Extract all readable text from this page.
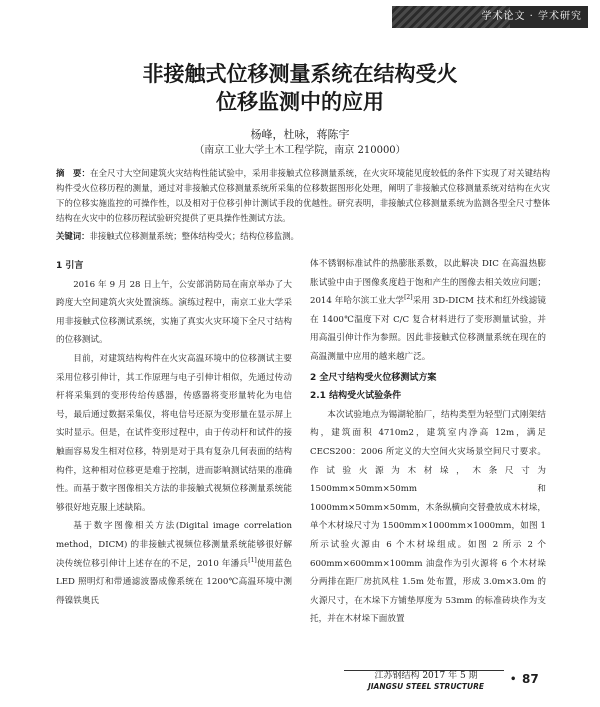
学术论文 · 学术研究
非接触式位移测量系统在结构受火
位移监测中的应用
杨峰，杜咏，蒋陈宇
（南京工业大学土木工程学院，南京 210000）
摘　要：在全尺寸大空间建筑火灾结构性能试验中，采用非接触式位移测量系统，在火灾环境能见度较低的条件下实现了对关键结构构件受火位移历程的测量，通过对非接触式位移测量系统所采集的位移数据图形化处理，阐明了非接触式位移测量系统对结构在火灾下的位移实施监控的可操作性，以及相对于位移引伸计测试手段的优越性。研究表明，非接触式位移测量系统为监测各型全尺寸整体结构在火灾中的位移历程试验研究提供了更具操作性测试方法。
关键词：非接触式位移测量系统；整体结构受火；结构位移监测。
1 引言

2016 年 9 月 28 日上午，公安部消防局在南京举办了大跨度大空间建筑火灾处置演练。演练过程中，南京工业大学采用非接触式位移测试系统，实施了真实火灾环境下全尺寸结构的位移测试。

目前，对建筑结构构件在火灾高温环境中的位移测试主要采用位移引伸计，其工作原理与电子引伸计相似，先通过传动杆将采集到的变形传给传感器，传感器将变形量转化为电信号，最后通过数据采集仪，将电信号还原为变形量在显示屏上实时显示。但是，在试件变形过程中，由于传动杆和试件的接触面容易发生相对位移，特别是对于具有复杂几何表面的结构构件，这种相对位移更是难于控制，进而影响测试结果的准确性。而基于数字图像相关方法的非接触式视频位移测量系统能够很好地克服上述缺陷。

基于数字图像相关方法(Digital image correlation method，DICM) 的非接触式视频位移测量系统能够很好解决传统位移引伸计上述存在的不足，2010 年潘兵[1]使用蓝色 LED 照明灯和带通滤波器成像系统在 1200℃高温环境中测得镍铁奥氏

体不锈钢标准试件的热膨胀系数，以此解决 DIC 在高温热膨胀试验中由于图像炙度趋于饱和产生的图像去相关效应问题；2014 年哈尔滨工业大学[2]采用 3D-DICM 技术和红外线滤镜在 1400℃温度下对 C/C 复合材料进行了变形测量试验，并用高温引伸计作为参照。因此非接触式位移测量系统在现在的高温测量中应用的越来越广泛。

2 全尺寸结构受火位移测试方案
2.1 结构受火试验条件

本次试验地点为锡湖轮胎厂，结构类型为轻型门式刚架结构，建筑面积 4710m2，建筑室内净高 12m，满足 CECS200：2006 所定义的大空间火灾场景空间尺寸要求。作试验火源为木材垛，木条尺寸为 1500mm×50mm×50mm 和 1000mm×50mm×50mm，木条纵横向交替叠放成木材垛，单个木材垛尺寸为 1500mm×1000mm×1000mm，如图 1 所示试验火源由 6 个木材垛组成。如图 2 所示 2 个 600mm×600mm×100mm 油盘作为引火源将 6 个木材垛分两排在距厂房抗风柱 1.5m 处布置，形成 3.0m×3.0m 的火源尺寸，在木垛下方铺垫厚度为 53mm 的标准砖块作为支托，并在木材垛下面放置

江苏钢结构 2017 年 5 期
JIANGSU STEEL STRUCTURE
• 87
